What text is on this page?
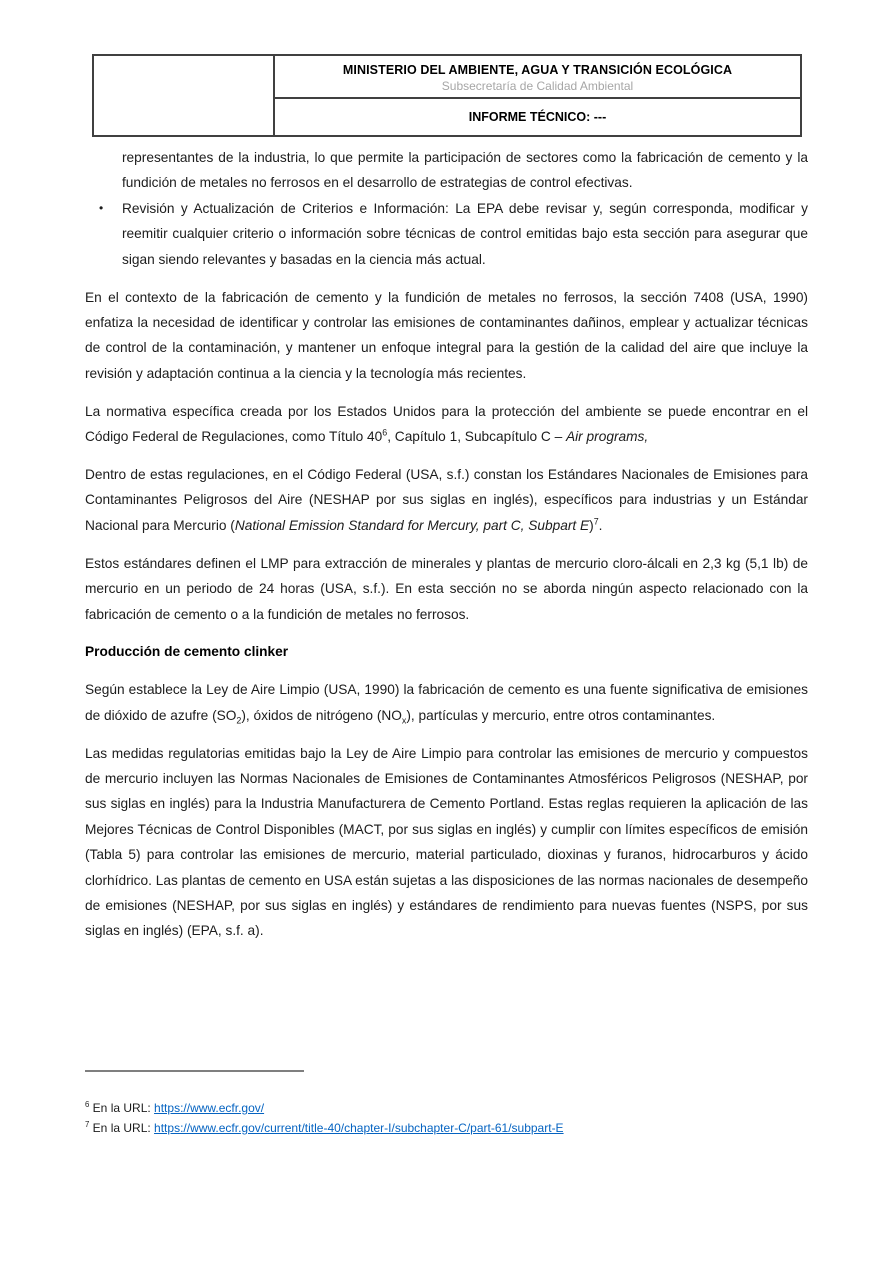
MINISTERIO DEL AMBIENTE, AGUA Y TRANSICIÓN ECOLÓGICA
Subsecretaría de Calidad Ambiental
INFORME TÉCNICO: ---
representantes de la industria, lo que permite la participación de sectores como la fabricación de cemento y la fundición de metales no ferrosos en el desarrollo de estrategias de control efectivas.
• Revisión y Actualización de Criterios e Información: La EPA debe revisar y, según corresponda, modificar y reemitir cualquier criterio o información sobre técnicas de control emitidas bajo esta sección para asegurar que sigan siendo relevantes y basadas en la ciencia más actual.

En el contexto de la fabricación de cemento y la fundición de metales no ferrosos, la sección 7408 (USA, 1990) enfatiza la necesidad de identificar y controlar las emisiones de contaminantes dañinos, emplear y actualizar técnicas de control de la contaminación, y mantener un enfoque integral para la gestión de la calidad del aire que incluye la revisión y adaptación continua a la ciencia y la tecnología más recientes.

La normativa específica creada por los Estados Unidos para la protección del ambiente se puede encontrar en el Código Federal de Regulaciones, como Título 40$^6$, Capítulo 1, Subcapítulo C – Air programs,

Dentro de estas regulaciones, en el Código Federal (USA, s.f.) constan los Estándares Nacionales de Emisiones para Contaminantes Peligrosos del Aire (NESHAP por sus siglas en inglés), específicos para industrias y un Estándar Nacional para Mercurio (National Emission Standard for Mercury, part C, Subpart E)$^7$.

Estos estándares definen el LMP para extracción de minerales y plantas de mercurio cloro-álcali en 2,3 kg (5,1 lb) de mercurio en un periodo de 24 horas (USA, s.f.). En esta sección no se aborda ningún aspecto relacionado con la fabricación de cemento o a la fundición de metales no ferrosos.

Producción de cemento clinker

Según establece la Ley de Aire Limpio (USA, 1990) la fabricación de cemento es una fuente significativa de emisiones de dióxido de azufre $(SO_2)$, óxidos de nitrógeno $(NO_x)$, partículas y mercurio, entre otros contaminantes.

Las medidas regulatorias emitidas bajo la Ley de Aire Limpio para controlar las emisiones de mercurio y compuestos de mercurio incluyen las Normas Nacionales de Emisiones de Contaminantes Atmosféricos Peligrosos (NESHAP, por sus siglas en inglés) para la Industria Manufacturera de Cemento Portland. Estas reglas requieren la aplicación de las Mejores Técnicas de Control Disponibles (MACT, por sus siglas en inglés) y cumplir con límites específicos de emisión (Tabla 5) para controlar las emisiones de mercurio, material particulado, dioxinas y furanos, hidrocarburos y ácido clorhídrico. Las plantas de cemento en USA están sujetas a las disposiciones de las normas nacionales de desempeño de emisiones (NESHAP, por sus siglas en inglés) y estándares de rendimiento para nuevas fuentes (NSPS, por sus siglas en inglés) (EPA, s.f. a).

$^6$ En la URL: https://www.ecfr.gov/
$^7$ En la URL: https://www.ecfr.gov/current/title-40/chapter-I/subchapter-C/part-61/subpart-E
